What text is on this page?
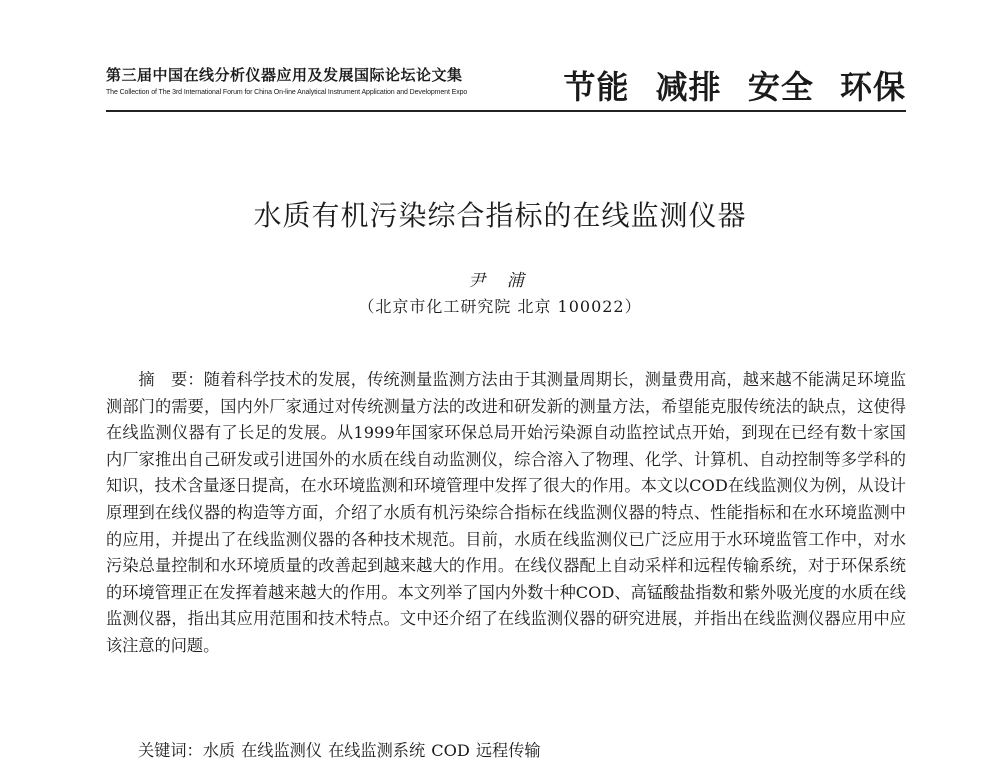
第三届中国在线分析仪器应用及发展国际论坛论文集
The Collection of The 3rd International Forum for China On-line Analytical Instrument Application and Development Expo	节能 减排 安全 环保
水质有机污染综合指标的在线监测仪器
尹 浦
（北京市化工研究院 北京 100022）
摘　要：随着科学技术的发展，传统测量监测方法由于其测量周期长，测量费用高，越来越不能满足环境监测部门的需要，国内外厂家通过对传统测量方法的改进和研发新的测量方法，希望能克服传统法的缺点，这使得在线监测仪器有了长足的发展。从1999年国家环保总局开始污染源自动监控试点开始，到现在已经有数十家国内厂家推出自己研发或引进国外的水质在线自动监测仪，综合溶入了物理、化学、计算机、自动控制等多学科的知识，技术含量逐日提高，在水环境监测和环境管理中发挥了很大的作用。本文以COD在线监测仪为例，从设计原理到在线仪器的构造等方面，介绍了水质有机污染综合指标在线监测仪器的特点、性能指标和在水环境监测中的应用，并提出了在线监测仪器的各种技术规范。目前，水质在线监测仪已广泛应用于水环境监管工作中，对水污染总量控制和水环境质量的改善起到越来越大的作用。在线仪器配上自动采样和远程传输系统，对于环保系统的环境管理正在发挥着越来越大的作用。本文列举了国内外数十种COD、高锰酸盐指数和紫外吸光度的水质在线监测仪器，指出其应用范围和技术特点。文中还介绍了在线监测仪器的研究进展，并指出在线监测仪器应用中应该注意的问题。
关键词：水质 在线监测仪 在线监测系统 COD 远程传输
